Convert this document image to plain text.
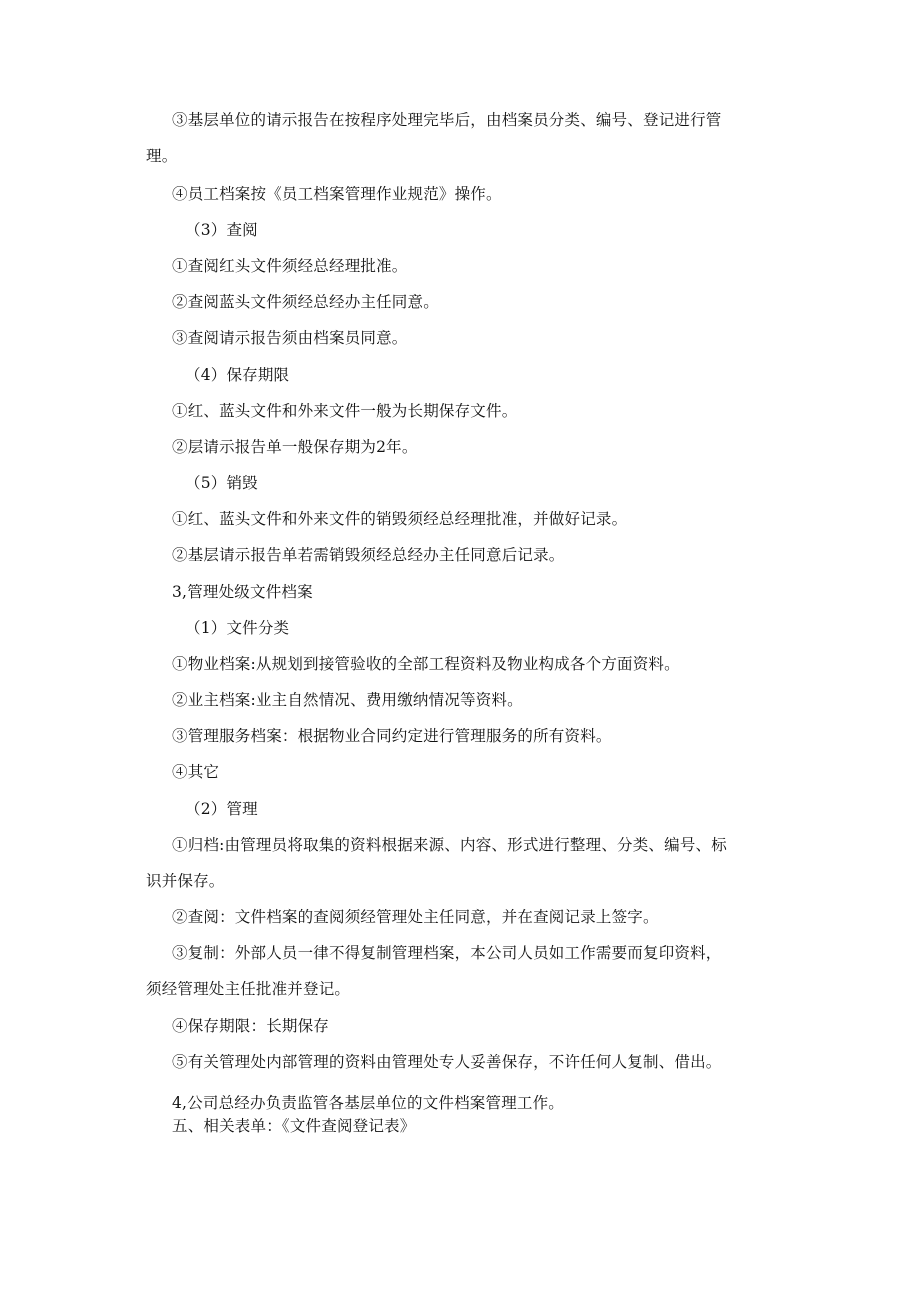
③基层单位的请示报告在按程序处理完毕后，由档案员分类、编号、登记进行管
理。
④员工档案按《员工档案管理作业规范》操作。
（3）查阅
①查阅红头文件须经总经理批准。
②查阅蓝头文件须经总经办主任同意。
③查阅请示报告须由档案员同意。
（4）保存期限
①红、蓝头文件和外来文件一般为长期保存文件。
②层请示报告单一般保存期为2年。
（5）销毁
①红、蓝头文件和外来文件的销毁须经总经理批准，并做好记录。
②基层请示报告单若需销毁须经总经办主任同意后记录。
3,管理处级文件档案
（1）文件分类
①物业档案:从规划到接管验收的全部工程资料及物业构成各个方面资料。
②业主档案:业主自然情况、费用缴纳情况等资料。
③管理服务档案：根据物业合同约定进行管理服务的所有资料。
④其它
（2）管理
①归档:由管理员将取集的资料根据来源、内容、形式进行整理、分类、编号、标
识并保存。
②查阅：文件档案的查阅须经管理处主任同意，并在查阅记录上签字。
③复制：外部人员一律不得复制管理档案，本公司人员如工作需要而复印资料，
须经管理处主任批准并登记。
④保存期限：长期保存
⑤有关管理处内部管理的资料由管理处专人妥善保存，不许任何人复制、借出。
4,公司总经办负责监管各基层单位的文件档案管理工作。
五、相关表单：《文件查阅登记表》
